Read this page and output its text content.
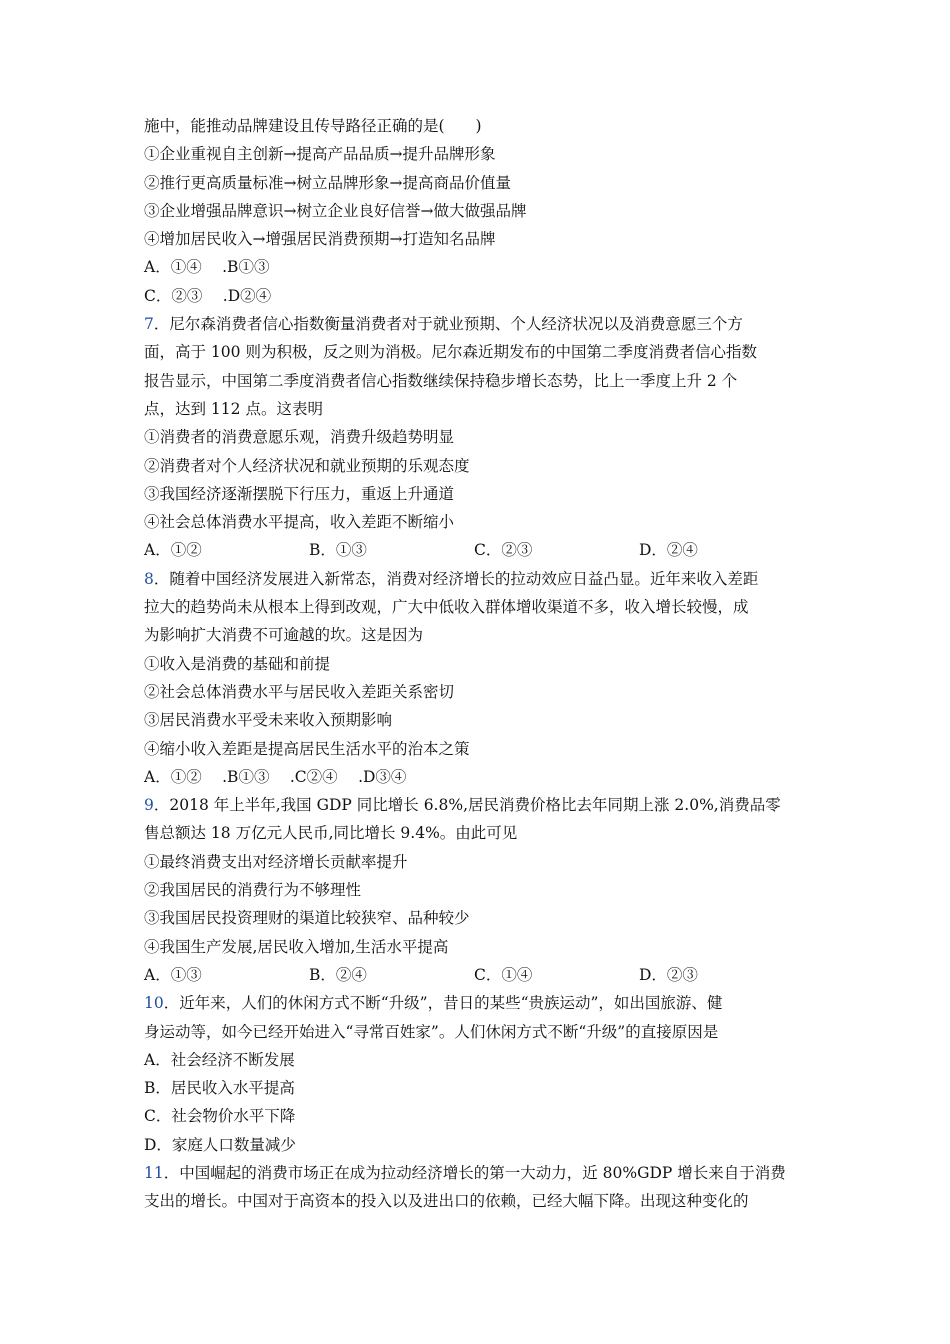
施中，能推动品牌建设且传导路径正确的是(　　)
①企业重视自主创新→提高产品品质→提升品牌形象
②推行更高质量标准→树立品牌形象→提高商品价值量
③企业增强品牌意识→树立企业良好信誉→做大做强品牌
④增加居民收入→增强居民消费预期→打造知名品牌
A．①④　 .B①③
C．②③　 .D②④
7．尼尔森消费者信心指数衡量消费者对于就业预期、个人经济状况以及消费意愿三个方
面，高于 100 则为积极，反之则为消极。尼尔森近期发布的中国第二季度消费者信心指数
报告显示，中国第二季度消费者信心指数继续保持稳步增长态势，比上一季度上升 2 个
点，达到 112 点。这表明
①消费者的消费意愿乐观，消费升级趋势明显
②消费者对个人经济状况和就业预期的乐观态度
③我国经济逐渐摆脱下行压力，重返上升通道
④社会总体消费水平提高，收入差距不断缩小
A．①②	B．①③	C．②③	D．②④
8．随着中国经济发展进入新常态，消费对经济增长的拉动效应日益凸显。近年来收入差距
拉大的趋势尚未从根本上得到改观，广大中低收入群体增收渠道不多，收入增长较慢，成
为影响扩大消费不可逾越的坎。这是因为
①收入是消费的基础和前提
②社会总体消费水平与居民收入差距关系密切
③居民消费水平受未来收入预期影响
④缩小收入差距是提高居民生活水平的治本之策
A．①②　 .B①③　 .C②④　 .D③④
9．2018 年上半年,我国 GDP 同比增长 6.8%,居民消费价格比去年同期上涨 2.0%,消费品零
售总额达 18 万亿元人民币,同比增长 9.4%。由此可见
①最终消费支出对经济增长贡献率提升
②我国居民的消费行为不够理性
③我国居民投资理财的渠道比较狭窄、品种较少
④我国生产发展,居民收入增加,生活水平提高
A．①③	B．②④	C．①④	D．②③
10．近年来，人们的休闲方式不断“升级”，昔日的某些“贵族运动”，如出国旅游、健
身运动等，如今已经开始进入“寻常百姓家”。人们休闲方式不断“升级”的直接原因是
A．社会经济不断发展
B．居民收入水平提高
C．社会物价水平下降
D．家庭人口数量减少
11．中国崛起的消费市场正在成为拉动经济增长的第一大动力，近 80%GDP 增长来自于消费
支出的增长。中国对于高资本的投入以及进出口的依赖，已经大幅下降。出现这种变化的
